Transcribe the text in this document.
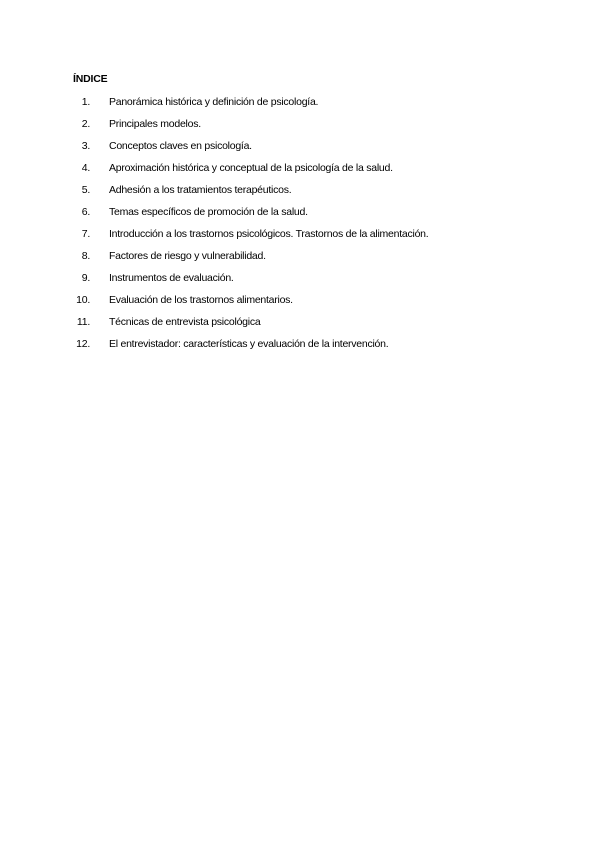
ÍNDICE
1. Panorámica histórica y definición de psicología.
2. Principales modelos.
3. Conceptos claves en psicología.
4. Aproximación histórica y conceptual de la psicología de la salud.
5. Adhesión a los tratamientos terapéuticos.
6. Temas específicos de promoción de la salud.
7. Introducción a los trastornos psicológicos. Trastornos de la alimentación.
8. Factores de riesgo y vulnerabilidad.
9. Instrumentos de evaluación.
10. Evaluación de los trastornos alimentarios.
11. Técnicas de entrevista psicológica
12. El entrevistador: características y evaluación de la intervención.
